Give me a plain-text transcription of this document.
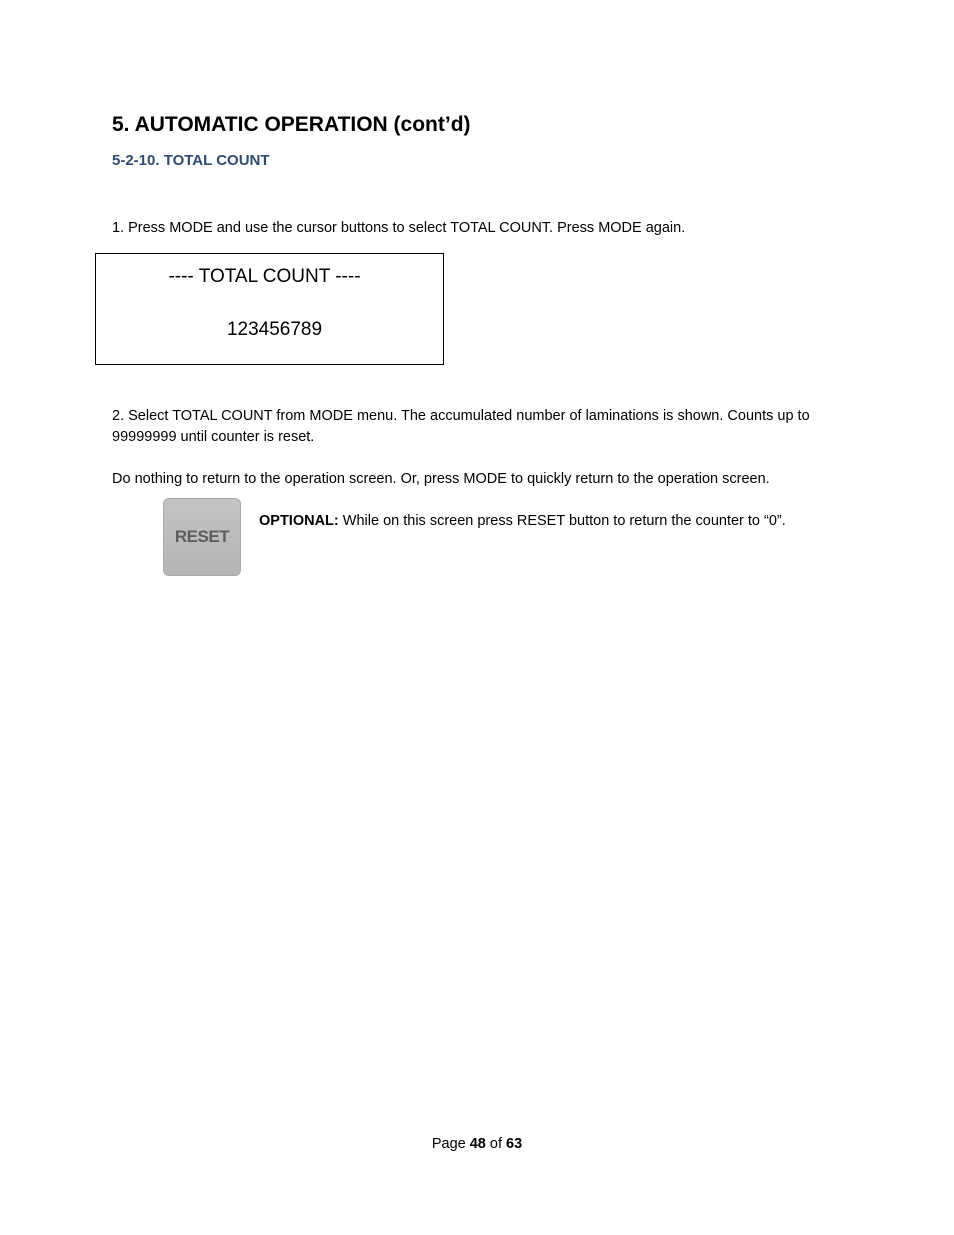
5. AUTOMATIC OPERATION (cont’d)
5-2-10. TOTAL COUNT

1. Press MODE and use the cursor buttons to select TOTAL COUNT. Press MODE again.

---- TOTAL COUNT ----
123456789

2. Select TOTAL COUNT from MODE menu. The accumulated number of laminations is shown. Counts up to 99999999 until counter is reset.

Do nothing to return to the operation screen. Or, press MODE to quickly return to the operation screen.

RESET

OPTIONAL: While on this screen press RESET button to return the counter to “0”.

Page 48 of 63
